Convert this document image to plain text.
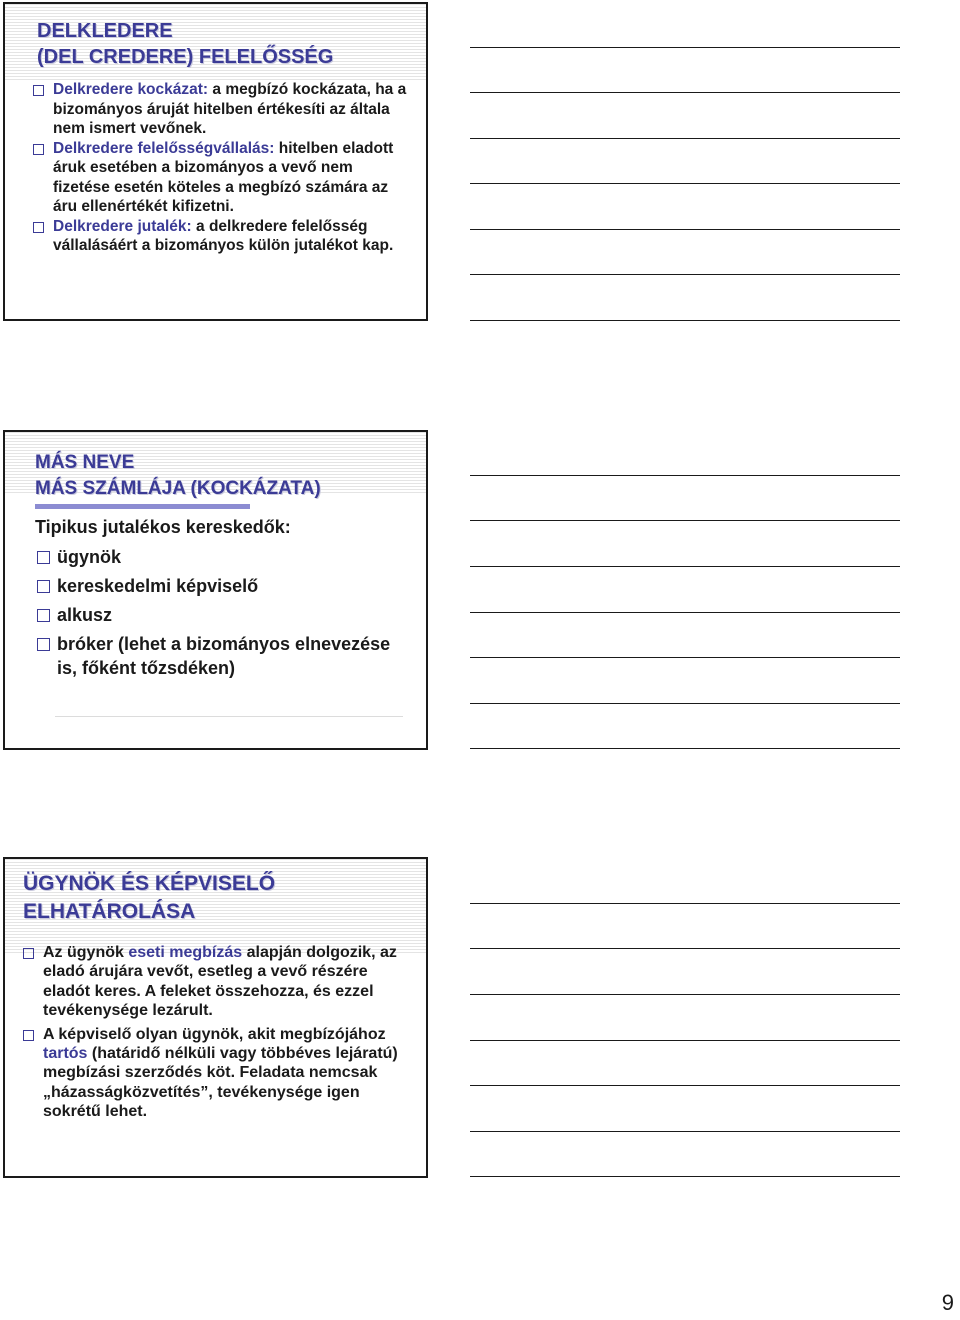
DELKLEDERE
(DEL CREDERE) FELELŐSSÉG
Delkredere kockázat: a megbízó kockázata, ha a bizományos áruját hitelben értékesíti az általa nem ismert vevőnek.
Delkredere felelősségvállalás: hitelben eladott áruk esetében a bizományos a vevő nem fizetése esetén köteles a megbízó számára az áru ellenértékét kifizetni.
Delkredere jutalék: a delkredere felelősség vállalásáért a bizományos külön jutalékot kap.
MÁS NEVE
MÁS SZÁMLÁJA (KOCKÁZATA)

Tipikus jutalékos kereskedők:

ügynök
kereskedelmi képviselő
alkusz
bróker (lehet a bizományos elnevezése is, főként tőzsdéken)
ÜGYNÖK ÉS KÉPVISELŐ
ELHATÁROLÁSA
Az ügynök eseti megbízás alapján dolgozik, az eladó árujára vevőt, esetleg a vevő részére eladót keres. A feleket összehozza, és ezzel tevékenysége lezárult.
A képviselő olyan ügynök, akit megbízójához tartós (határidő nélküli vagy többéves lejáratú) megbízási szerződés köt. Feladata nemcsak „házasságközvetítés”, tevékenysége igen sokrétű lehet.
9
